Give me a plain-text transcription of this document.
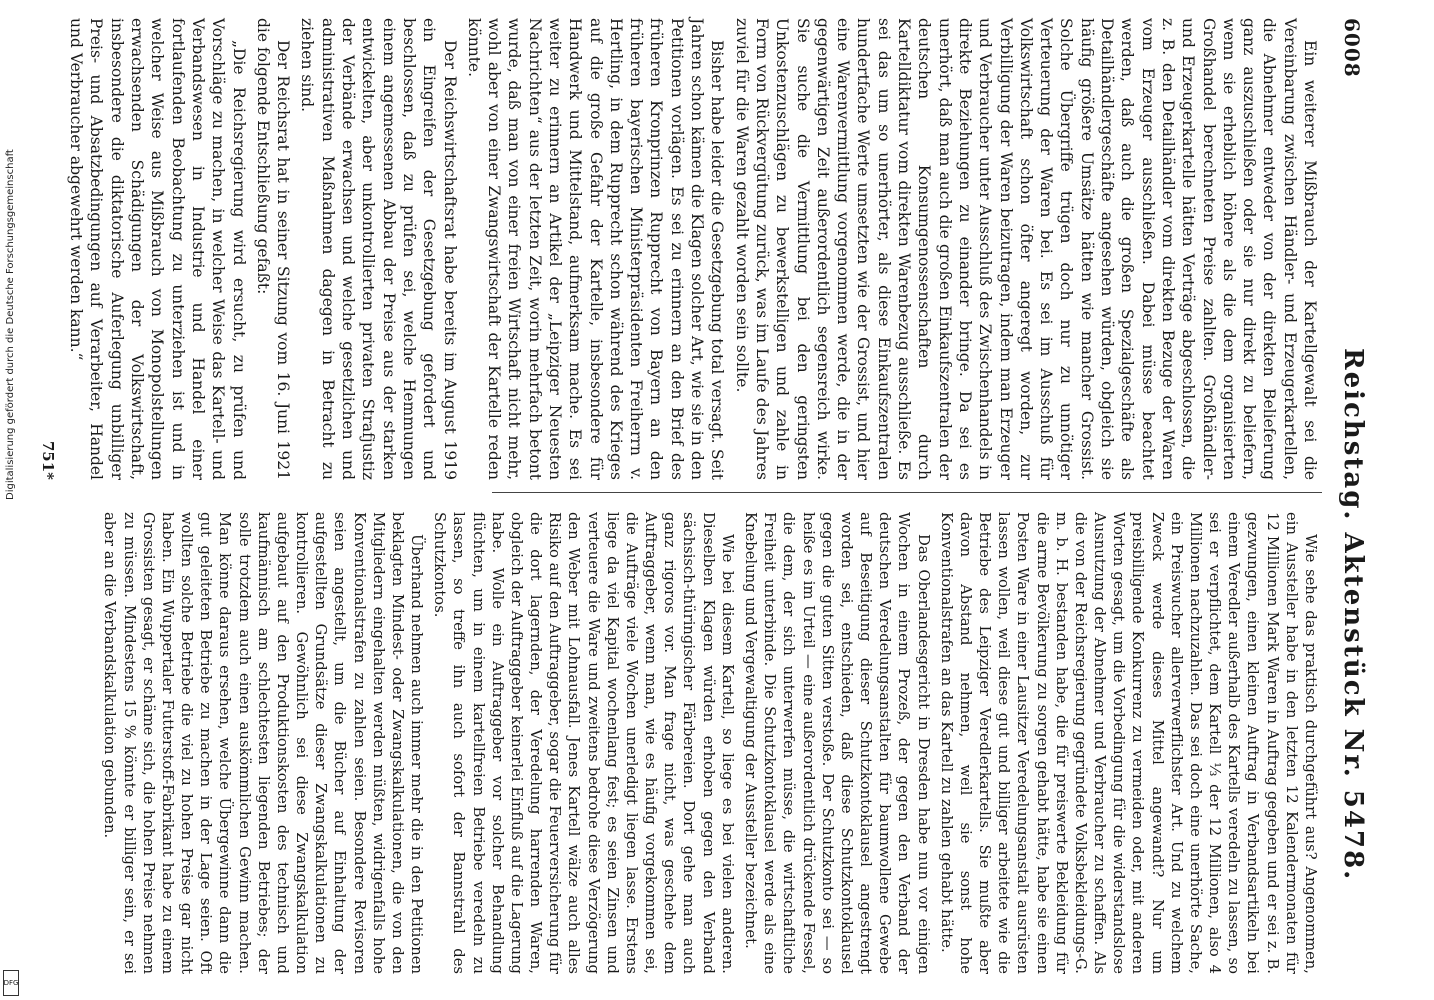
6008
Reichstag. Aktenstück Nr. 5478.

Ein weiterer Mißbrauch der Kartellgewalt sei die Vereinbarung zwischen Händler- und Erzeugerkartellen, die Abnehmer entweder von der direkten Belieferung ganz auszuschließen oder sie nur direkt zu beliefern, wenn sie erheblich höhere als die dem organisierten Großhandel berechneten Preise zahlten. Großhändler- und Erzeugerkartelle hätten Verträge abgeschlossen, die z. B. den Detailhändler vom direkten Bezuge der Waren vom Erzeuger ausschließen. Dabei müsse beachtet werden, daß auch die großen Spezialgeschäfte als Detailhändlergeschäfte angesehen würden, obgleich sie häufig größere Umsätze hätten wie mancher Grossist. Solche Übergriffe trügen doch nur zu unnötiger Verteuerung der Waren bei. Es sei im Ausschuß für Volkswirtschaft schon öfter angeregt worden, zur Verbilligung der Waren beizutragen, indem man Erzeuger und Verbraucher unter Ausschluß des Zwischenhandels in direkte Beziehungen zu einander bringe. Da sei es unerhört, daß man auch die großen Einkaufszentralen der deutschen Konsumgenossenschaften durch Kartelldiktatur vom direkten Warenbezug ausschließe. Es sei das um so unerhörter, als diese Einkaufszentralen hundertfache Werte umsetzten wie der Grossist, und hier eine Warenvermittlung vorgenommen werde, die in der gegenwärtigen Zeit außerordentlich segensreich wirke. Sie suche die Vermittlung bei den geringsten Unkostenzuschlägen zu bewerkstelligen und zahle in Form von Rückvergütung zurück, was im Laufe des Jahres zuviel für die Waren gezahlt worden sein sollte.

Bisher habe leider die Gesetzgebung total versagt. Seit Jahren schon kämen die Klagen solcher Art, wie sie in den Petitionen vorlägen. Es sei zu erinnern an den Brief des früheren Kronprinzen Rupprecht von Bayern an den früheren bayerischen Ministerpräsidenten Freiherrn v. Hertling, in dem Rupprecht schon während des Krieges auf die große Gefahr der Kartelle, insbesondere für Handwerk und Mittelstand, aufmerksam mache. Es sei weiter zu erinnern an Artikel der „Leipziger Neuesten Nachrichten“ aus der letzten Zeit, worin mehrfach betont wurde, daß man von einer freien Wirtschaft nicht mehr, wohl aber von einer Zwangswirtschaft der Kartelle reden könnte.

Der Reichswirtschaftsrat habe bereits im August 1919 ein Eingreifen der Gesetzgebung gefordert und beschlossen, daß zu prüfen sei, welche Hemmungen einem angemessenen Abbau der Preise aus der starken entwickelten, aber unkontrollierten privaten Strafjustiz der Verbände erwachsen und welche gesetzlichen und administrativen Maßnahmen dagegen in Betracht zu ziehen sind.

Der Reichsrat hat in seiner Sitzung vom 16. Juni 1921 die folgende Entschließung gefaßt:

„Die Reichsregierung wird ersucht, zu prüfen und Vorschläge zu machen, in welcher Weise das Kartell- und Verbandswesen in Industrie und Handel einer fortlaufenden Beobachtung zu unterziehen ist und in welcher Weise aus Mißbrauch von Monopolstellungen erwachsenden Schädigungen der Volkswirtschaft, insbesondere die diktatorische Auferlegung unbilliger Preis- und Absatzbedingungen auf Verarbeiter, Handel und Verbraucher abgewehrt werden kann.“

751*

Wie sehe das praktisch durchgeführt aus? Angenommen, ein Aussteller habe in den letzten 12 Kalendermonaten für 12 Millionen Mark Waren in Auftrag gegeben und er sei z. B. gezwungen, einen kleinen Auftrag in Verbandsartikeln bei einem Veredler außerhalb des Kartells veredeln zu lassen, so sei er verpflichtet, dem Kartell ⅓ der 12 Millionen, also 4 Millionen nachzuzahlen. Das sei doch eine unerhörte Sache, ein Preiswucher allerverwerflichster Art. Und zu welchem Zweck werde dieses Mittel angewandt? Nur um preisbilligende Konkurrenz zu vermeiden oder, mit anderen Worten gesagt, um die Vorbedingung für die widerstandslose Ausnutzung der Abnehmer und Verbraucher zu schaffen. Als die von der Reichsregierung gegründete Volksbekleidungs-G. m. b. H. bestanden habe, die für preiswerte Bekleidung für die arme Bevölkerung zu sorgen gehabt hätte, habe sie einen Posten Ware in einer Lausitzer Veredelungsanstalt ausrüsten lassen wollen, weil diese gut und billiger arbeitete wie die Betriebe des Leipziger Veredlerkartells. Sie mußte aber davon Abstand nehmen, weil sie sonst hohe Konventionalstrafen an das Kartell zu zahlen gehabt hätte.

Das Oberlandesgericht in Dresden habe nun vor einigen Wochen in einem Prozeß, der gegen den Verband der deutschen Veredelungsanstalten für baumwollene Gewebe auf Beseitigung dieser Schutzkontoklausel angestrengt worden sei, entschieden, daß diese Schutzkontoklausel gegen die guten Sitten verstoße. Der Schutzkonto sei — so heiße es im Urteil — eine außerordentlich drückende Fessel, die dem, der sich unterwerfen müsse, die wirtschaftliche Freiheit unterbinde. Die Schutzkontoklausel werde als eine Knebelung und Vergewaltigung der Aussteller bezeichnet.

Wie bei diesem Kartell, so liege es bei vielen anderen. Dieselben Klagen würden erhoben gegen den Verband sächsisch-thüringischer Färbereien. Dort gehe man auch ganz rigoros vor. Man frage nicht, was geschehe dem Auftraggeber, wenn man, wie es häufig vorgekommen sei, die Aufträge viele Wochen unerledigt liegen lasse. Erstens liege da viel Kapital wochenlang fest; es seien Zinsen und verteuere die Ware und zweitens bedrohe diese Verzögerung den Weber mit Lohnausfall. Jenes Kartell wälze auch alles Risiko auf den Auftraggeber, sogar die Feuerversicherung für die dort lagernden, der Veredelung harrenden Waren, obgleich der Auftraggeber keinerlei Einfluß auf die Lagerung habe. Wolle ein Auftraggeber vor solcher Behandlung flüchten, um in einem kartellfreien Betriebe veredeln zu lassen, so treffe ihn auch sofort der Bannstrahl des Schutzkontos.

Überhand nehmen auch immer mehr die in den Petitionen beklagten Mindest- oder Zwangskalkulationen, die von den Mitgliedern eingehalten werden müßten, widrigenfalls hohe Konventionalstrafen zu zahlen seien. Besondere Revisoren seien angestellt, um die Bücher auf Einhaltung der aufgestellten Grundsätze dieser Zwangskalkulationen zu kontrollieren. Gewöhnlich sei diese Zwangskalkulation aufgebaut auf den Produktionskosten des technisch und kaufmännisch am schlechtesten liegenden Betriebes; der solle trotzdem auch einen auskömmlichen Gewinn machen. Man könne daraus ersehen, welche Übergewinne dann die gut geleiteten Betriebe zu machen in der Lage seien. Oft wollten solche Betriebe die viel zu hohen Preise gar nicht haben. Ein Wuppertaler Futterstoff-Fabrikant habe zu einem Grossisten gesagt, er schäme sich, die hohen Preise nehmen zu müssen. Mindestens 15 % könnte er billiger sein, er sei aber an die Verbandskalkulation gebunden.

Digitalisierung gefördert durch die Deutsche Forschungsgemeinschaft
DFG
